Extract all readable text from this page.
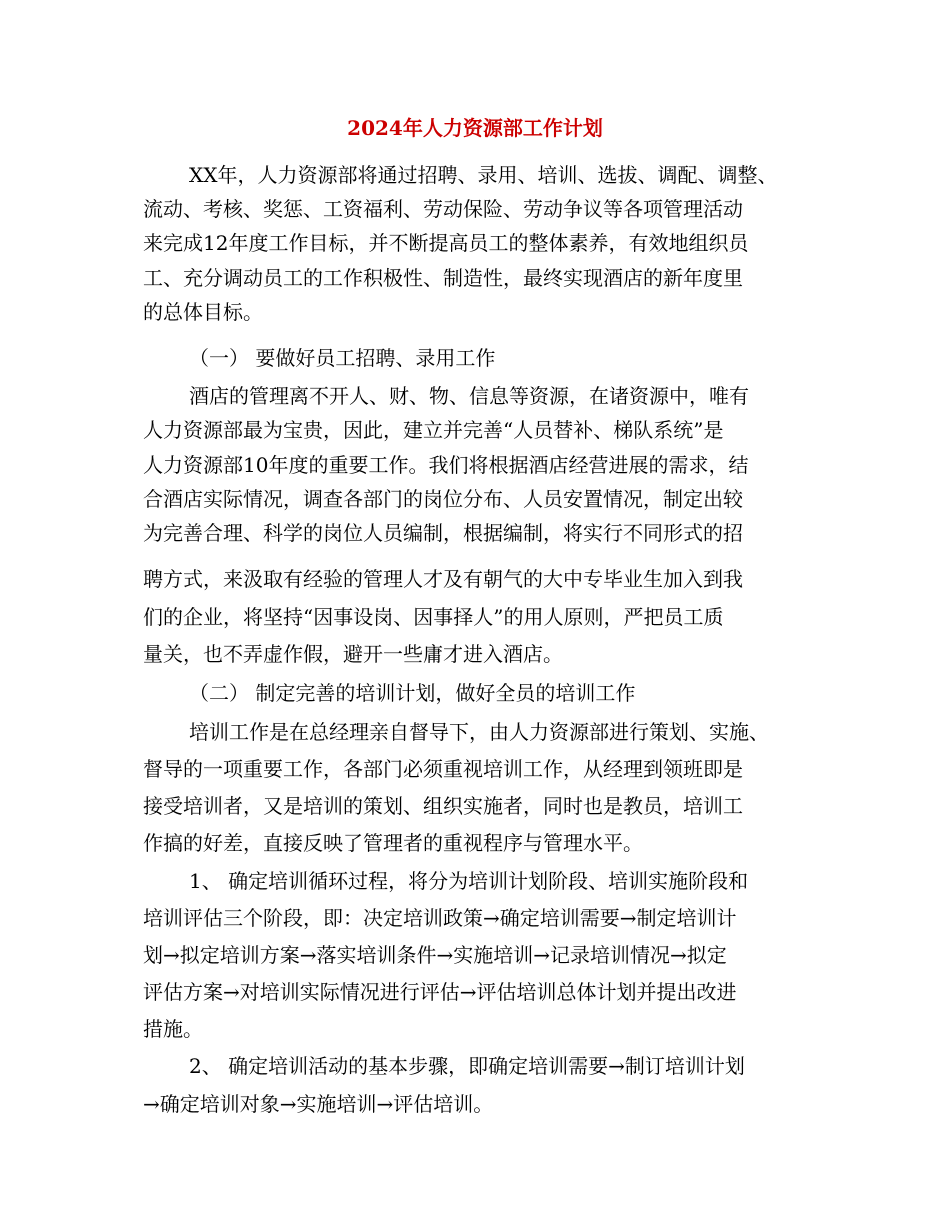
2024年人力资源部工作计划
XX年，人力资源部将通过招聘、录用、培训、选拔、调配、调整、
流动、考核、奖惩、工资福利、劳动保险、劳动争议等各项管理活动
来完成12年度工作目标，并不断提高员工的整体素养，有效地组织员
工、充分调动员工的工作积极性、制造性，最终实现酒店的新年度里
的总体目标。
（一） 要做好员工招聘、录用工作
酒店的管理离不开人、财、物、信息等资源，在诸资源中，唯有
人力资源部最为宝贵，因此，建立并完善“人员替补、梯队系统”是
人力资源部10年度的重要工作。我们将根据酒店经营进展的需求，结
合酒店实际情况，调查各部门的岗位分布、人员安置情况，制定出较
为完善合理、科学的岗位人员编制，根据编制，将实行不同形式的招
聘方式，来汲取有经验的管理人才及有朝气的大中专毕业生加入到我
们的企业，将坚持“因事设岗、因事择人”的用人原则，严把员工质
量关，也不弄虚作假，避开一些庸才进入酒店。
（二） 制定完善的培训计划，做好全员的培训工作
培训工作是在总经理亲自督导下，由人力资源部进行策划、实施、
督导的一项重要工作，各部门必须重视培训工作，从经理到领班即是
接受培训者，又是培训的策划、组织实施者，同时也是教员，培训工
作搞的好差，直接反映了管理者的重视程序与管理水平。
1、 确定培训循环过程，将分为培训计划阶段、培训实施阶段和
培训评估三个阶段，即：决定培训政策→确定培训需要→制定培训计
划→拟定培训方案→落实培训条件→实施培训→记录培训情况→拟定
评估方案→对培训实际情况进行评估→评估培训总体计划并提出改进
措施。
2、 确定培训活动的基本步骤，即确定培训需要→制订培训计划
→确定培训对象→实施培训→评估培训。
